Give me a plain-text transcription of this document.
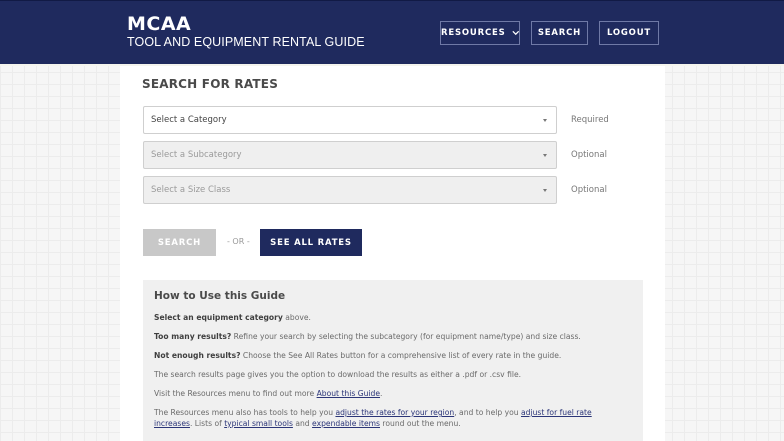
MCAA
TOOL AND EQUIPMENT RENTAL GUIDE
RESOURCES	SEARCH	LOGOUT
SEARCH FOR RATES
Select a Category	Required
Select a Subcategory	Optional
Select a Size Class	Optional
SEARCH	- OR -	SEE ALL RATES
How to Use this Guide

Select an equipment category above.

Too many results? Refine your search by selecting the subcategory (for equipment name/type) and size class.

Not enough results? Choose the See All Rates button for a comprehensive list of every rate in the guide.

The search results page gives you the option to download the results as either a .pdf or .csv file.

Visit the Resources menu to find out more About this Guide.

The Resources menu also has tools to help you adjust the rates for your region, and to help you adjust for fuel rate increases. Lists of typical small tools and expendable items round out the menu.
